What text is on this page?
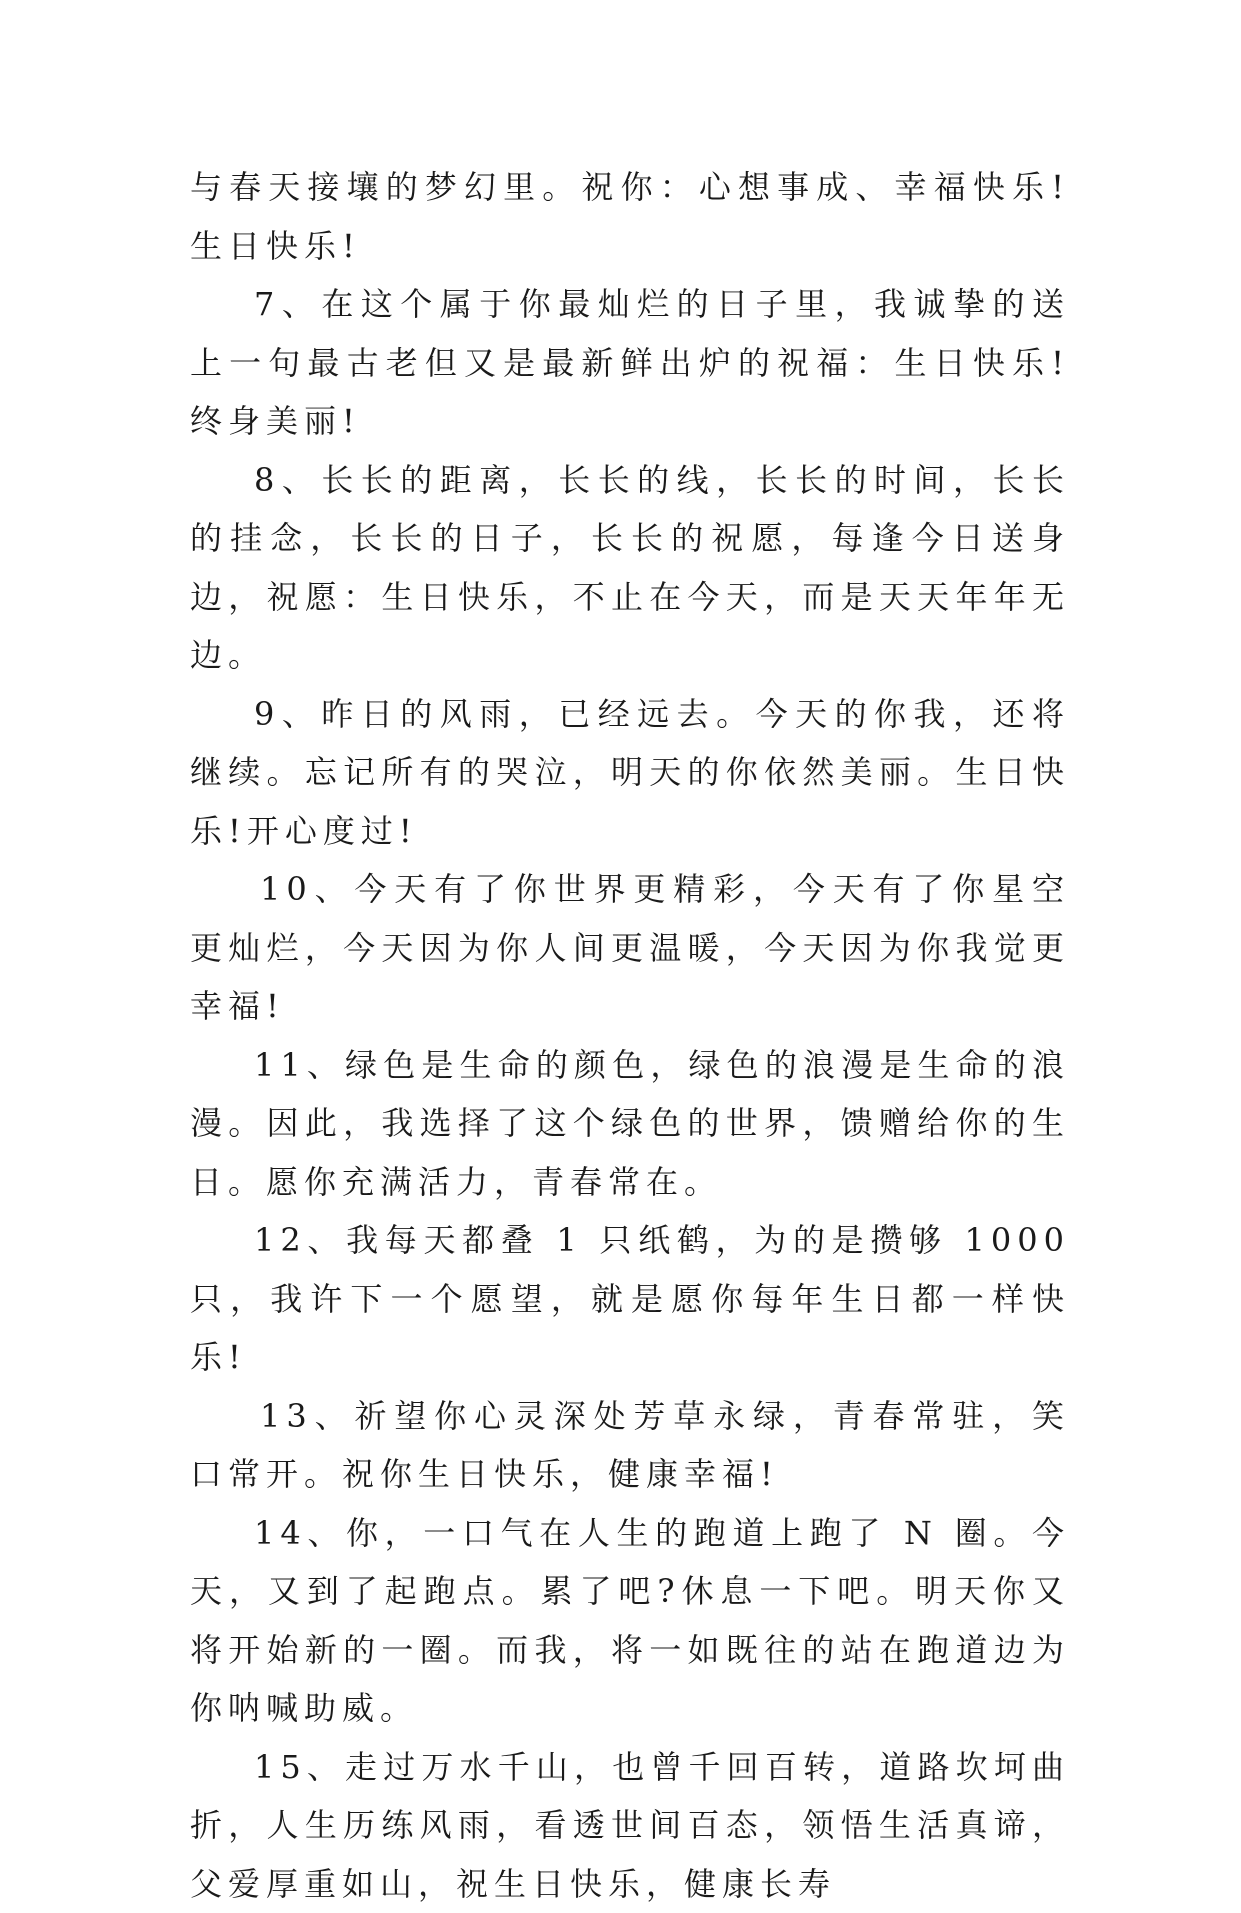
与春天接壤的梦幻里。祝你：心想事成、幸福快乐!生日快乐!

7、在这个属于你最灿烂的日子里，我诚挚的送上一句最古老但又是最新鲜出炉的祝福：生日快乐!终身美丽!

8、长长的距离，长长的线，长长的时间，长长的挂念，长长的日子，长长的祝愿，每逢今日送身边，祝愿：生日快乐，不止在今天，而是天天年年无边。

9、昨日的风雨，已经远去。今天的你我，还将继续。忘记所有的哭泣，明天的你依然美丽。生日快乐!开心度过!

10、今天有了你世界更精彩，今天有了你星空更灿烂，今天因为你人间更温暖，今天因为你我觉更幸福!

11、绿色是生命的颜色，绿色的浪漫是生命的浪漫。因此，我选择了这个绿色的世界，馈赠给你的生日。愿你充满活力，青春常在。

12、我每天都叠 1 只纸鹤，为的是攒够 1000 只，我许下一个愿望，就是愿你每年生日都一样快乐!

13、祈望你心灵深处芳草永绿，青春常驻，笑口常开。祝你生日快乐，健康幸福!

14、你，一口气在人生的跑道上跑了 N 圈。今天，又到了起跑点。累了吧?休息一下吧。明天你又将开始新的一圈。而我，将一如既往的站在跑道边为你呐喊助威。

15、走过万水千山，也曾千回百转，道路坎坷曲折，人生历练风雨，看透世间百态，领悟生活真谛，父爱厚重如山，祝生日快乐，健康长寿
